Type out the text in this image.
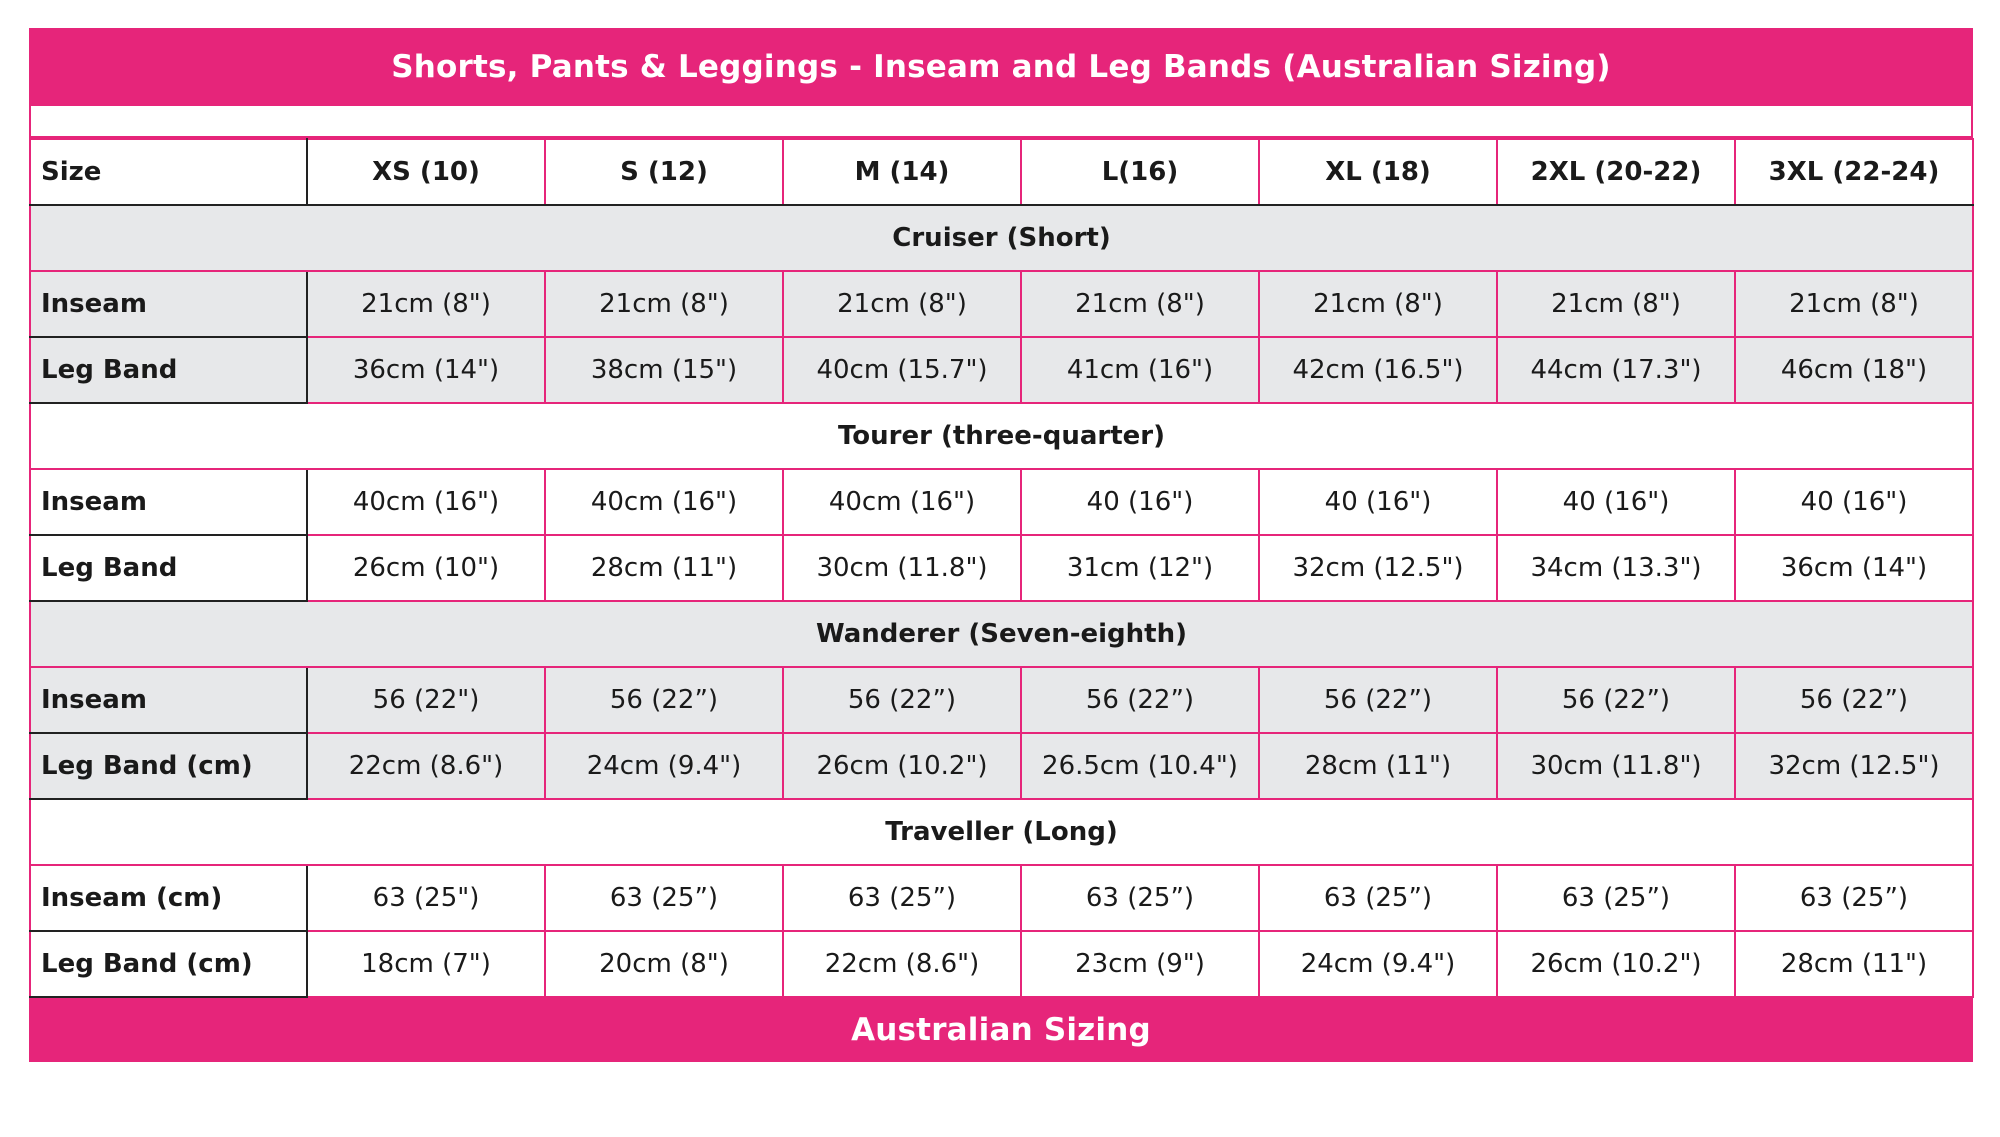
Shorts, Pants & Leggings - Inseam and Leg Bands (Australian Sizing)
Size	XS (10)	S (12)	M (14)	L(16)	XL (18)	2XL (20-22)	3XL (22-24)
Cruiser (Short)							
Inseam	21cm (8")	21cm (8")	21cm (8")	21cm (8")	21cm (8")	21cm (8")	21cm (8")
Leg Band	36cm (14")	38cm (15")	40cm (15.7")	41cm (16")	42cm (16.5")	44cm (17.3")	46cm (18")
Tourer (three-quarter)							
Inseam	40cm (16")	40cm (16")	40cm (16")	40 (16")	40 (16")	40 (16")	40 (16")
Leg Band	26cm (10")	28cm (11")	30cm (11.8")	31cm (12")	32cm (12.5")	34cm (13.3")	36cm (14")
Wanderer (Seven-eighth)							
Inseam	56 (22")	56 (22”)	56 (22”)	56 (22”)	56 (22”)	56 (22”)	56 (22”)
Leg Band (cm)	22cm (8.6")	24cm (9.4")	26cm (10.2")	26.5cm (10.4")	28cm (11")	30cm (11.8")	32cm (12.5")
Traveller (Long)							
Inseam (cm)	63 (25")	63 (25”)	63 (25”)	63 (25”)	63 (25”)	63 (25”)	63 (25”)
Leg Band (cm)	18cm (7")	20cm (8")	22cm (8.6")	23cm (9")	24cm (9.4")	26cm (10.2")	28cm (11")
Australian Sizing
